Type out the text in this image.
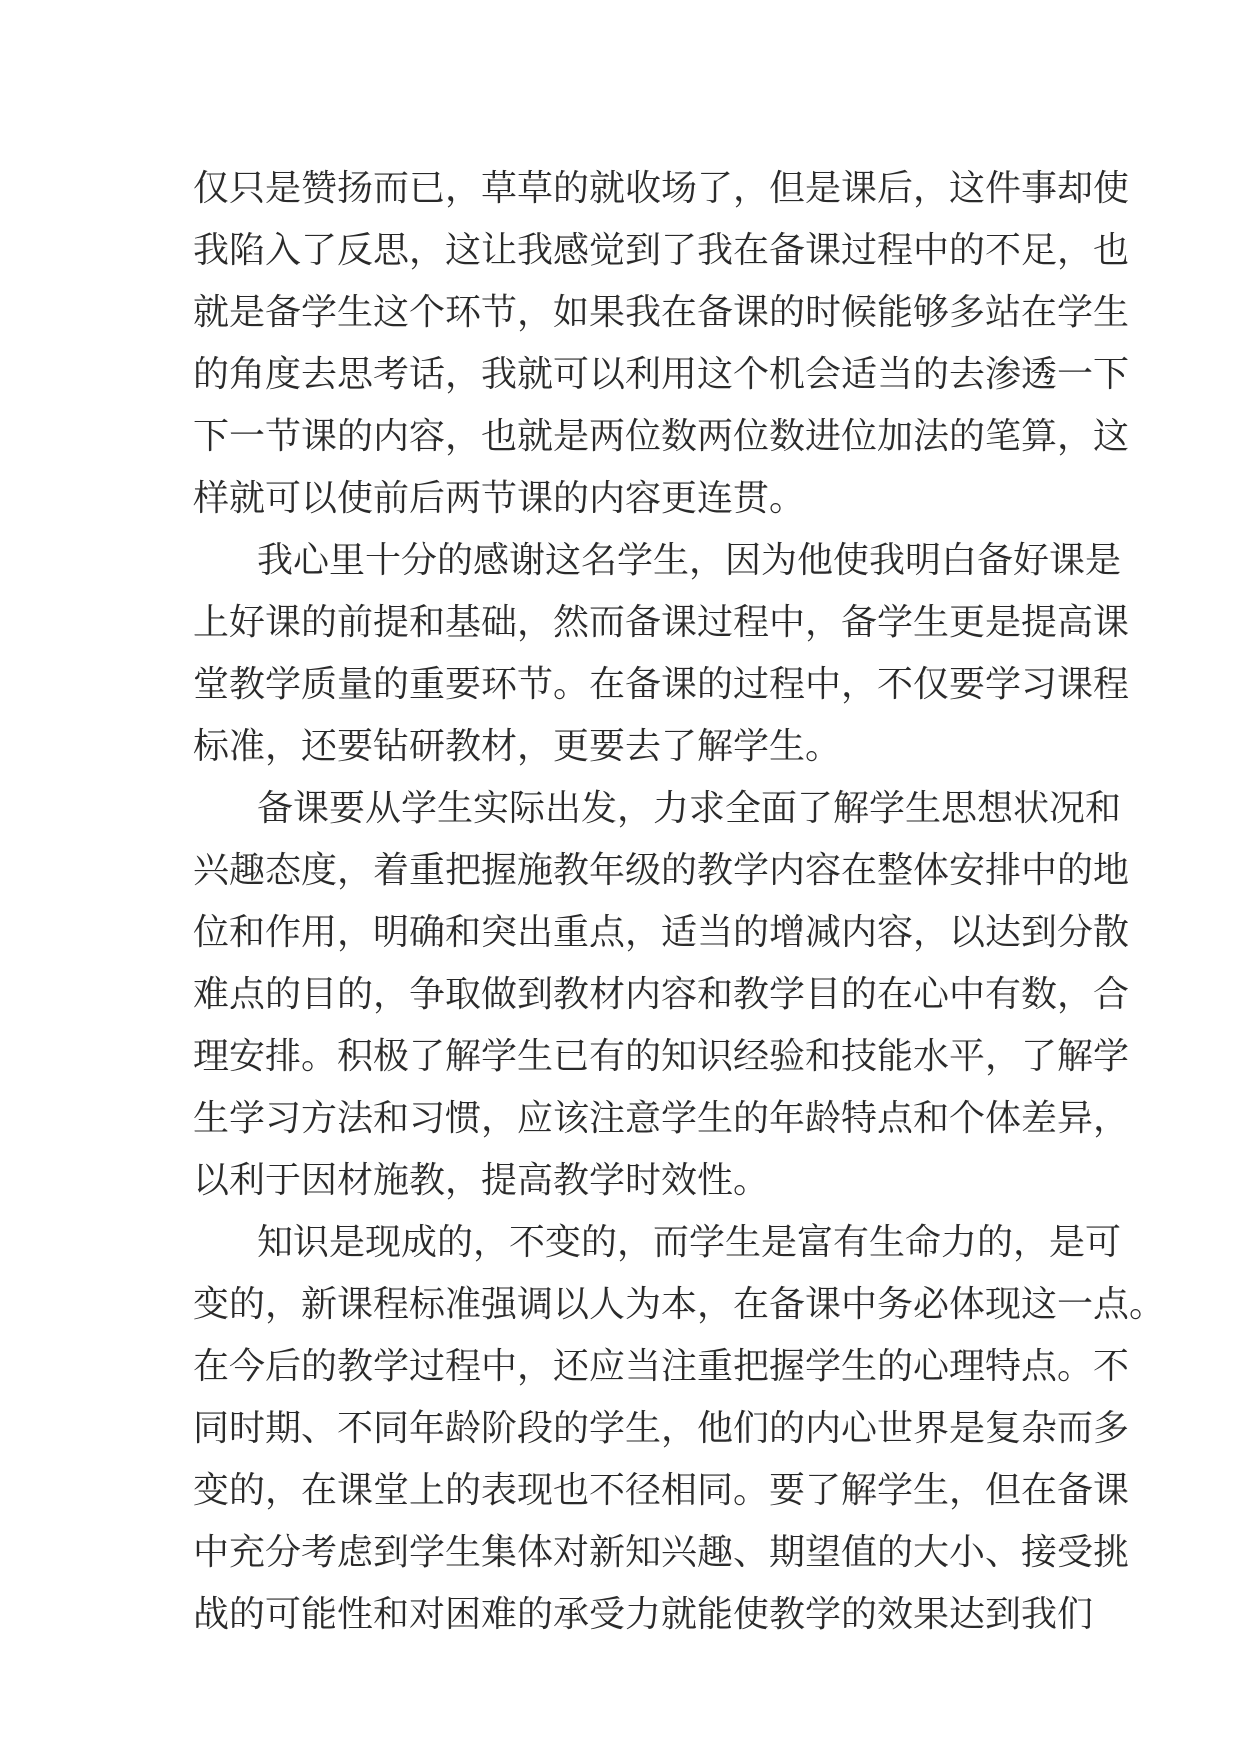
仅只是赞扬而已，草草的就收场了，但是课后，这件事却使
我陷入了反思，这让我感觉到了我在备课过程中的不足，也
就是备学生这个环节，如果我在备课的时候能够多站在学生
的角度去思考话，我就可以利用这个机会适当的去渗透一下
下一节课的内容，也就是两位数两位数进位加法的笔算，这
样就可以使前后两节课的内容更连贯。
我心里十分的感谢这名学生，因为他使我明白备好课是
上好课的前提和基础，然而备课过程中，备学生更是提高课
堂教学质量的重要环节。在备课的过程中，不仅要学习课程
标准，还要钻研教材，更要去了解学生。
备课要从学生实际出发，力求全面了解学生思想状况和
兴趣态度，着重把握施教年级的教学内容在整体安排中的地
位和作用，明确和突出重点，适当的增减内容，以达到分散
难点的目的，争取做到教材内容和教学目的在心中有数，合
理安排。积极了解学生已有的知识经验和技能水平，了解学
生学习方法和习惯，应该注意学生的年龄特点和个体差异，
以利于因材施教，提高教学时效性。
知识是现成的，不变的，而学生是富有生命力的，是可
变的，新课程标准强调以人为本，在备课中务必体现这一点。
在今后的教学过程中，还应当注重把握学生的心理特点。不
同时期、不同年龄阶段的学生，他们的内心世界是复杂而多
变的，在课堂上的表现也不径相同。要了解学生，但在备课
中充分考虑到学生集体对新知兴趣、期望值的大小、接受挑
战的可能性和对困难的承受力就能使教学的效果达到我们
